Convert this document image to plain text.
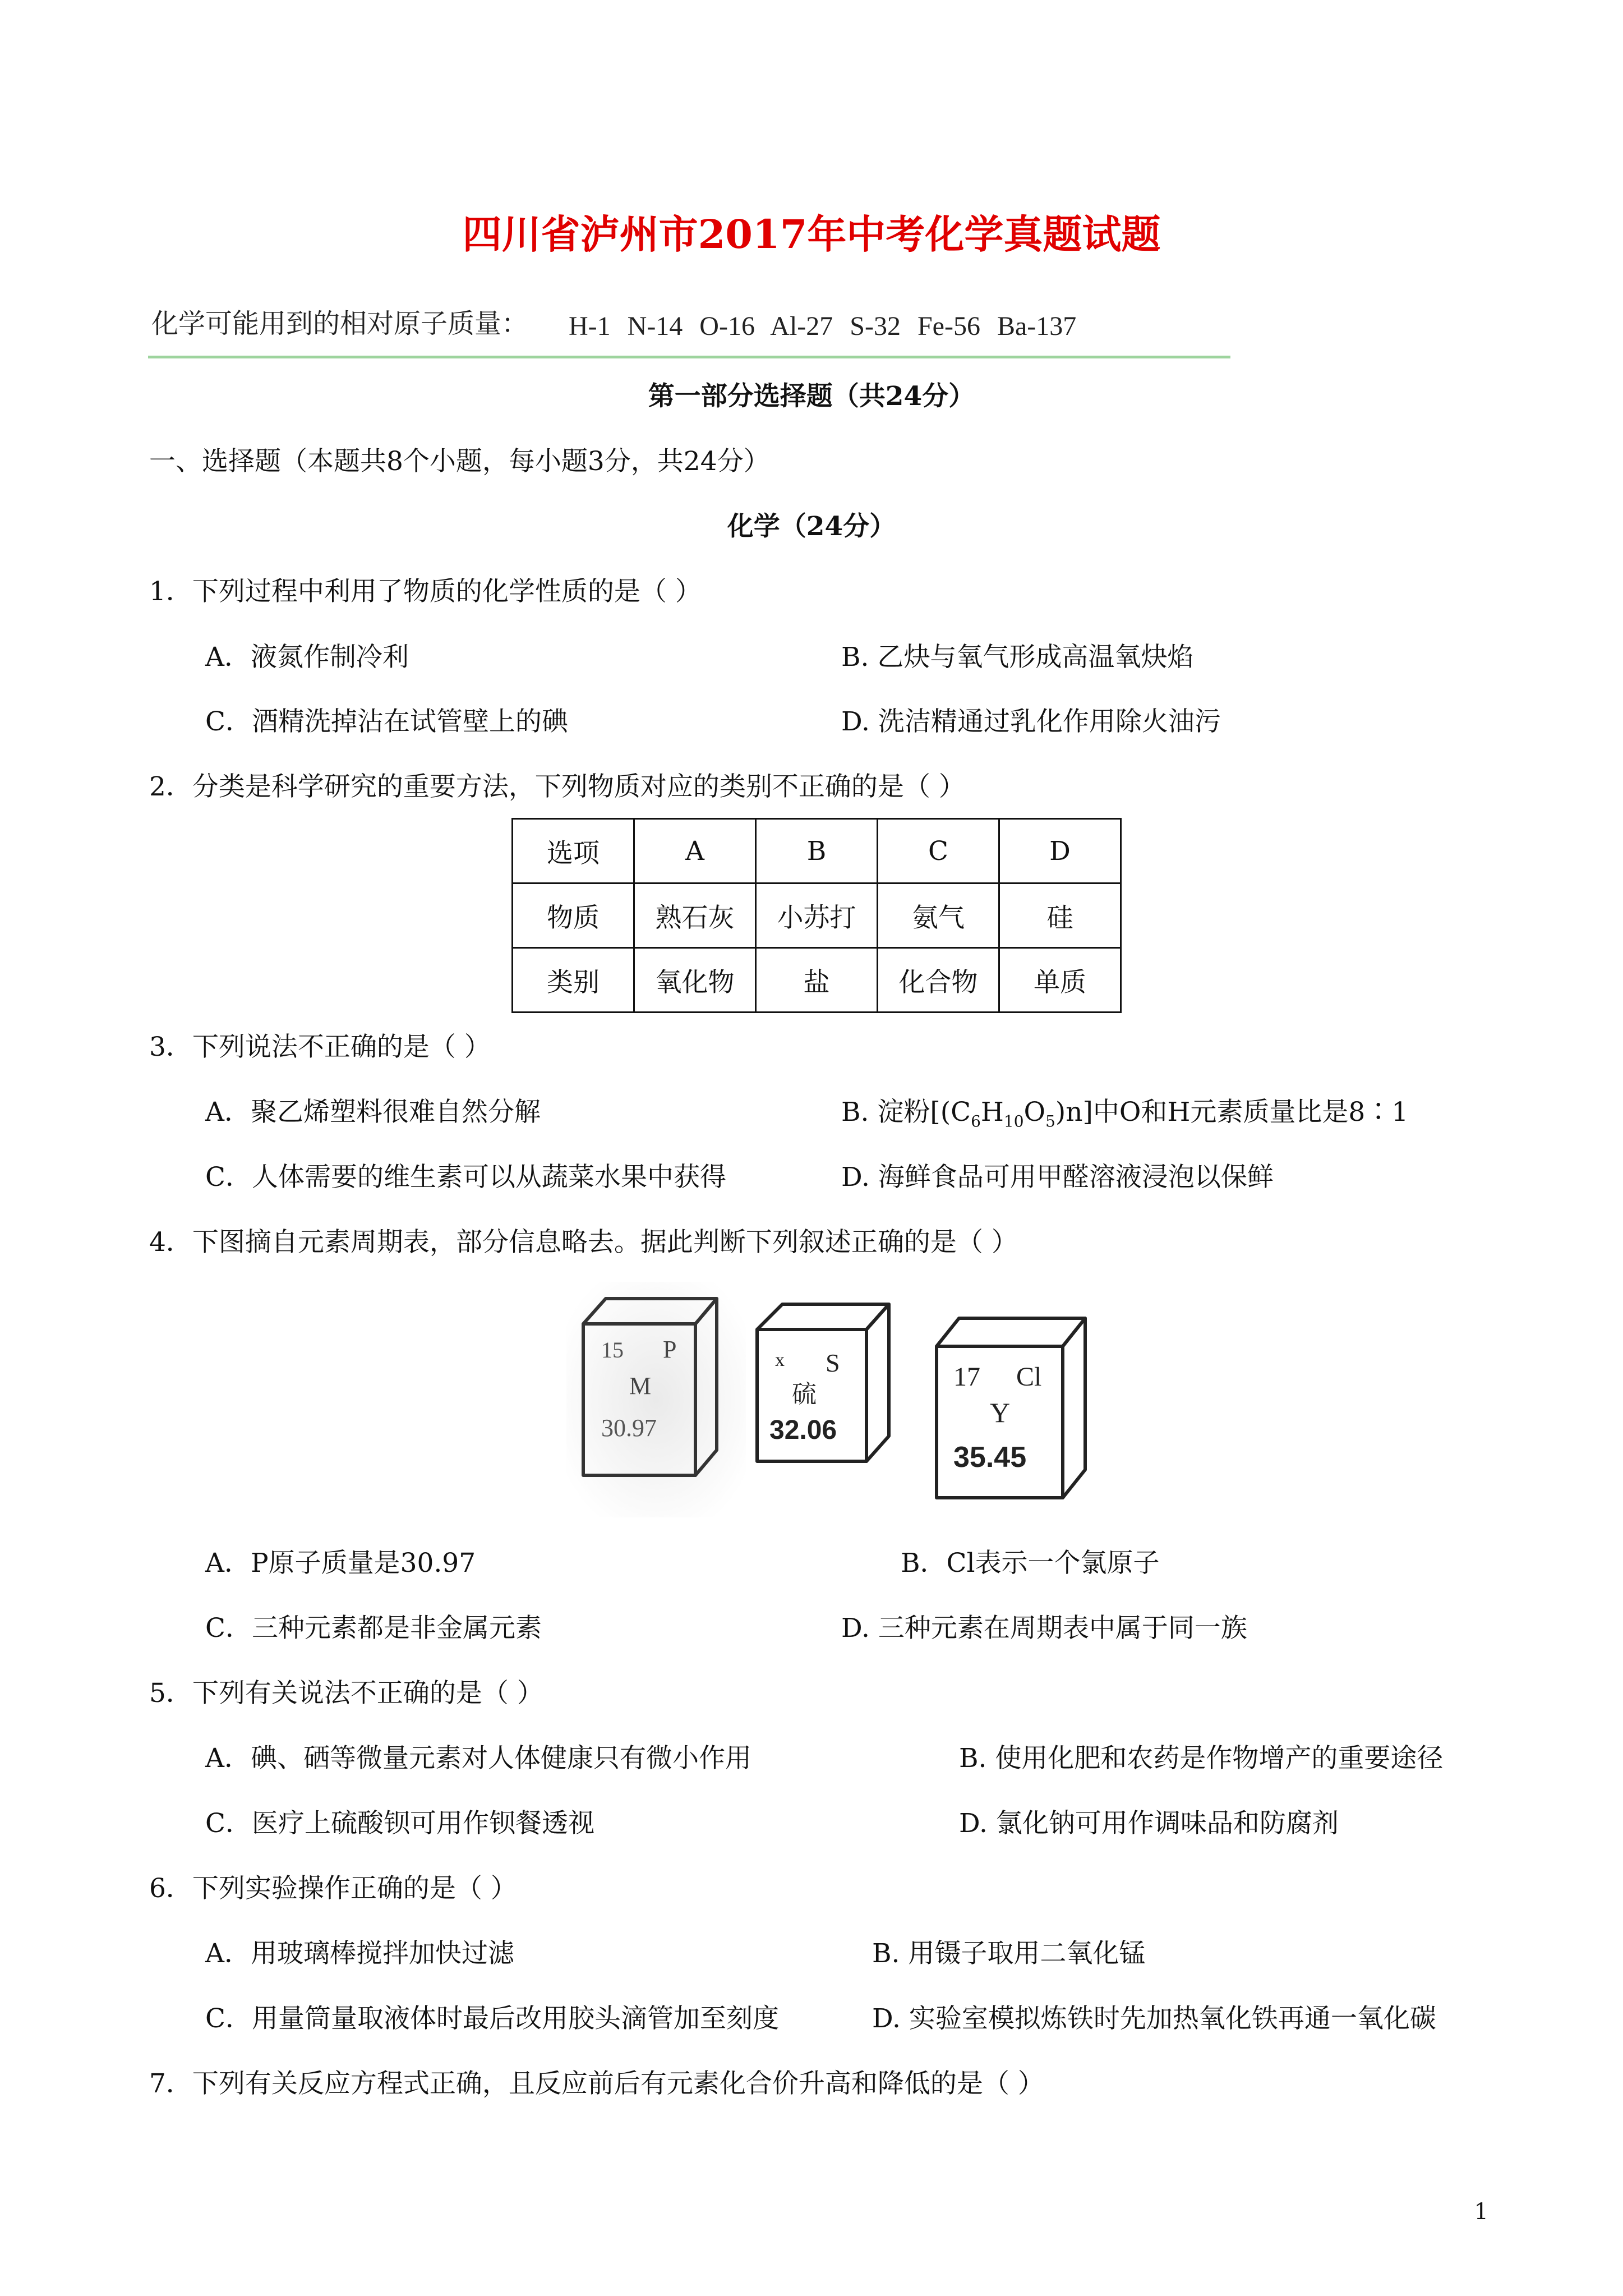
四川省泸州市2017年中考化学真题试题
化学可能用到的相对原子质量： H-1 N-14 O-16 Al-27 S-32 Fe-56 Ba-137
第一部分选择题（共24分）
一、选择题（本题共8个小题，每小题3分，共24分）
化学（24分）
1．下列过程中利用了物质的化学性质的是（ ）
A．液氮作制冷利	B. 乙炔与氧气形成高温氧炔焰
C．酒精洗掉沾在试管壁上的碘	D. 洗洁精通过乳化作用除火油污
2．分类是科学研究的重要方法，下列物质对应的类别不正确的是（ ）
选项	A	B	C	D
物质	熟石灰	小苏打	氨气	硅
类别	氧化物	盐	化合物	单质
3．下列说法不正确的是（ ）
A．聚乙烯塑料很难自然分解	B. 淀粉$[(C_6H_{10}O_5)n]$中O和H元素质量比是8∶1
C．人体需要的维生素可以从蔬菜水果中获得	D. 海鲜食品可用甲醛溶液浸泡以保鲜
4．下图摘自元素周期表，部分信息略去。据此判断下列叙述正确的是（ ）
15 P
M
30.97
x S
硫
32.06
17 Cl
Y
35.45
A．P原子质量是30.97	B．Cl表示一个氯原子
C．三种元素都是非金属元素	D. 三种元素在周期表中属于同一族
5．下列有关说法不正确的是（ ）
A．碘、硒等微量元素对人体健康只有微小作用	B. 使用化肥和农药是作物增产的重要途径
C．医疗上硫酸钡可用作钡餐透视	D. 氯化钠可用作调味品和防腐剂
6．下列实验操作正确的是（ ）
A．用玻璃棒搅拌加快过滤	B. 用镊子取用二氧化锰
C．用量筒量取液体时最后改用胶头滴管加至刻度	D. 实验室模拟炼铁时先加热氧化铁再通一氧化碳
7．下列有关反应方程式正确，且反应前后有元素化合价升高和降低的是（ ）
1
